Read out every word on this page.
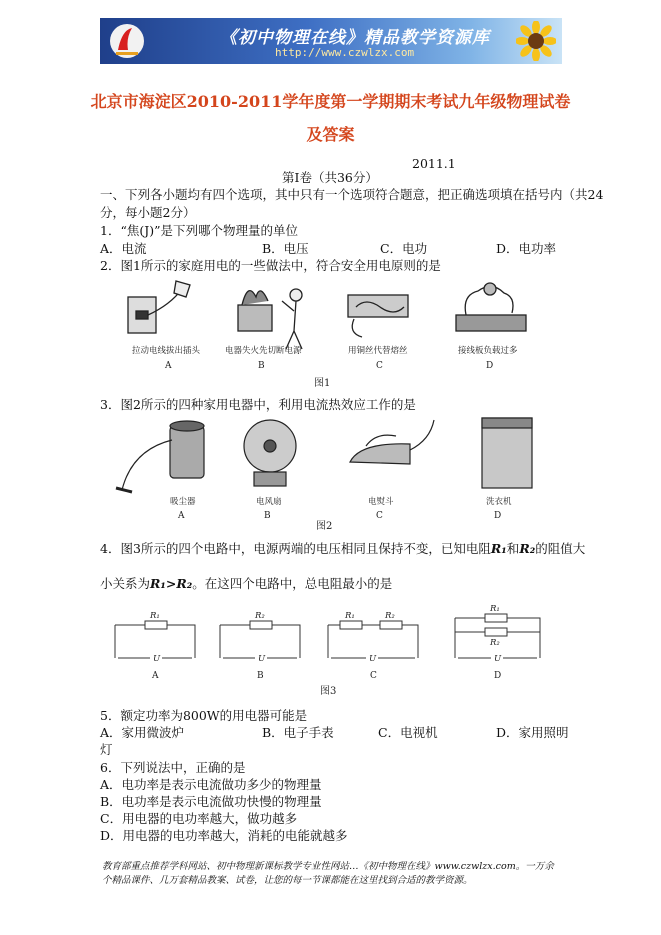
《初中物理在线》精品教学资源库
http://www.czwlzx.com
北京市海淀区2010-2011学年度第一学期期末考试九年级物理试卷
及答案
2011.1
第Ⅰ卷（共36分）
一、下列各小题均有四个选项，其中只有一个选项符合题意，把正确选项填在括号内（共24
分，每小题2分）
1．“焦(J)”是下列哪个物理量的单位
A．电流	B．电压	C．电功	D．电功率
2．图1所示的家庭用电的一些做法中，符合安全用电原则的是
拉动电线拔出插头	电器失火先切断电源	用铜丝代替熔丝	接线板负载过多
A	B	C	D
图1
3．图2所示的四种家用电器中，利用电流热效应工作的是
吸尘器	电风扇	电熨斗	洗衣机
A	B	C	D
图2
4．图3所示的四个电路中，电源两端的电压相同且保持不变，已知电阻R₁和R₂的阻值大
小关系为R₁>R₂。在这四个电路中，总电阻最小的是
R₁
U
R₂
U
R₁	R₂
U
R₁
R₂
U
A	B	C	D
图3
5．额定功率为800W的用电器可能是
A．家用微波炉	B．电子手表	C．电视机	D．家用照明
灯
6．下列说法中，正确的是
A．电功率是表示电流做功多少的物理量
B．电功率是表示电流做功快慢的物理量
C．用电器的电功率越大，做功越多
D．用电器的电功率越大，消耗的电能就越多
教育部重点推荐学科网站、初中物理新课标教学专业性网站…《初中物理在线》www.czwlzx.com。一万余
个精品课件、几万套精品教案、试卷，让您的每一节课都能在这里找到合适的教学资源。
